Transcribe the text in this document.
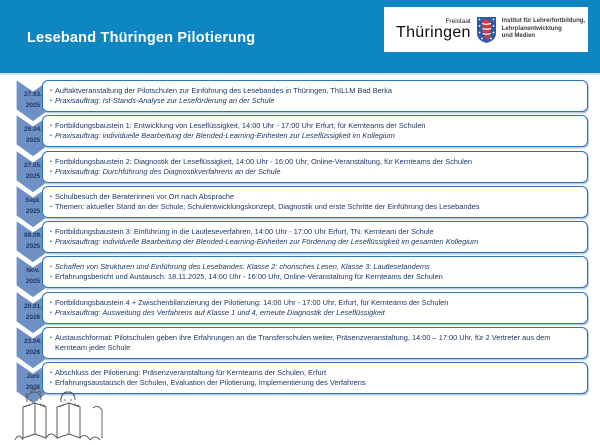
Leseband Thüringen Pilotierung
Freistaat
Thüringen
Institut für Lehrerfortbildung,
Lehrplanentwicklung
und Medien
27.03.
2025
• Auftaktveranstaltung der Pilotschulen zur Einführung des Lesebandes in Thüringen, ThILLM Bad Berka
• Praxisauftrag: Ist-Stands-Analyse zur Leseförderung an der Schule
29.04.
2025
• Fortbildungsbaustein 1: Entwicklung von Leseflüssigkeit, 14:00 Uhr - 17:00 Uhr Erfurt, für Kernteams der Schulen
• Praxisauftrag: individuelle Bearbeitung der Blended-Learning-Einheiten zur Leseflüssigkeit im Kollegium
27.05.
2025
• Fortbildungsbaustein 2: Diagnostik der Leseflüssigkeit, 14:00 Uhr - 16:00 Uhr, Online-Veranstaltung, für Kernteams der Schulen
• Praxisauftrag: Durchführung des Diagnostikverfahrens an der Schule
Sept.
2025
• Schulbesuch der Beraterinnen vor Ort nach Absprache
• Themen: aktueller Stand an der Schule, Schulentwicklungskonzept, Diagnostik und erste Schritte der Einführung des Lesebandes
09.09.
2025
• Fortbildungsbaustein 3: Einführung in die Lautleseverfahren, 14:00 Uhr - 17:00 Uhr Erfurt, TN: Kernteam der Schule
• Praxisauftrag: individuelle Bearbeitung der Blended-Learning-Einheiten zur Förderung der Leseflüssigkeit im gesamten Kollegium
Nov.
2025
• Schaffen von Strukturen und Einführung des Lesebandes: Klasse 2: chorisches Lesen, Klasse 3: Lautlesetandems
• Erfahrungsbericht und Austausch: 18.11.2025, 14:00 Uhr - 16:00 Uhr, Online-Veranstaltung für Kernteams der Schulen
20.01.
2026
• Fortbildungsbaustein 4 + Zwischenbilanzierung der Pilotierung: 14:00 Uhr - 17:00 Uhr, Erfurt, für Kernteams der Schulen
• Praxisauftrag: Ausweitung des Verfahrens auf Klasse 1 und 4, erneute Diagnostik der Leseflüssigkeit
23.04.
2026
• Austauschformat: Pilotschulen geben ihre Erfahrungen an die Transferschulen weiter, Präsenzveranstaltung, 14:00 – 17:00 Uhr, für 2 Vertreter aus dem Kernteam jeder Schule
Juni
2026
• Abschluss der Pilotierung: Präsenzveranstaltung für Kernteams der Schulen, Erfurt
• Erfahrungsaustausch der Schulen, Evaluation der Pilotierung, Implementierung des Verfahrens
